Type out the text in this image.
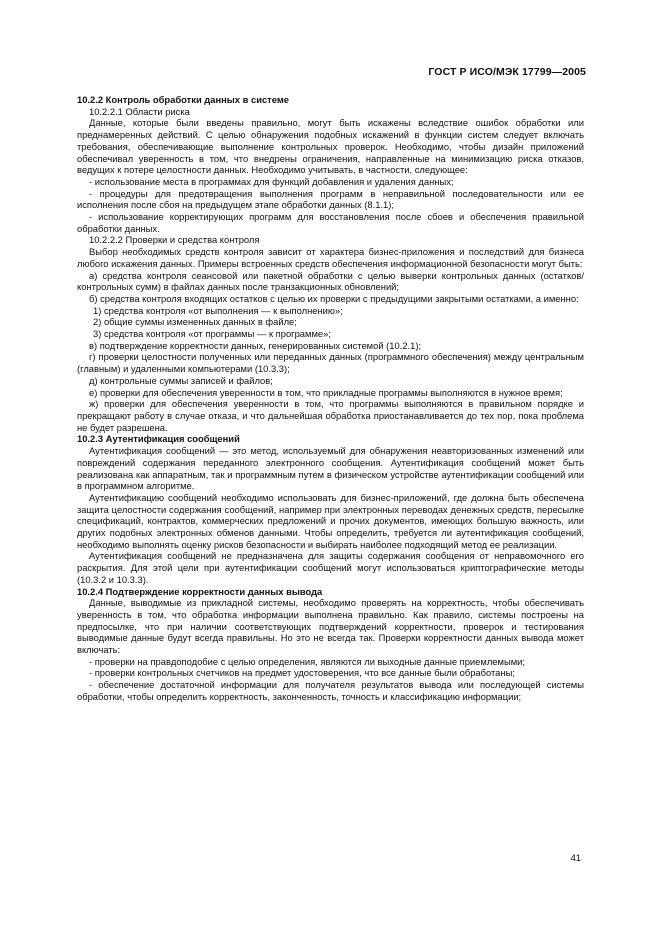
ГОСТ Р ИСО/МЭК 17799—2005

10.2.2 Контроль обработки данных в системе

10.2.2.1 Области риска

Данные, которые были введены правильно, могут быть искажены вследствие ошибок обработки или преднамеренных действий. С целью обнаружения подобных искажений в функции систем следует включать требования, обеспечивающие выполнение контрольных проверок. Необходимо, чтобы дизайн приложений обеспечивал уверенность в том, что внедрены ограничения, направленные на минимизацию риска отказов, ведущих к потере целостности данных. Необходимо учитывать, в частности, следующее:

- использование места в программах для функций добавления и удаления данных;

- процедуры для предотвращения выполнения программ в неправильной последовательности или ее исполнения после сбоя на предыдущем этапе обработки данных (8.1.1);

- использование корректирующих программ для восстановления после сбоев и обеспечения правильной обработки данных.

10.2.2.2 Проверки и средства контроля

Выбор необходимых средств контроля зависит от характера бизнес-приложения и последствий для бизнеса любого искажения данных. Примеры встроенных средств обеспечения информационной безопасности могут быть:

а) средства контроля сеансовой или пакетной обработки с целью выверки контрольных данных (остатков/контрольных сумм) в файлах данных после транзакционных обновлений;

б) средства контроля входящих остатков с целью их проверки с предыдущими закрытыми остатками, а именно:

1) средства контроля «от выполнения — к выполнению»;

2) общие суммы измененных данных в файле;

3) средства контроля «от программы — к программе»;

в) подтверждение корректности данных, генерированных системой (10.2.1);

г) проверки целостности полученных или переданных данных (программного обеспечения) между центральным (главным) и удаленными компьютерами (10.3.3);

д) контрольные суммы записей и файлов;

е) проверки для обеспечения уверенности в том, что прикладные программы выполняются в нужное время;

ж) проверки для обеспечения уверенности в том, что программы выполняются в правильном порядке и прекращают работу в случае отказа, и что дальнейшая обработка приостанавливается до тех пор, пока проблема не будет разрешена.

10.2.3 Аутентификация сообщений

Аутентификация сообщений — это метод, используемый для обнаружения неавторизованных изменений или повреждений содержания переданного электронного сообщения. Аутентификация сообщений может быть реализована как аппаратным, так и программным путем в физическом устройстве аутентификации сообщений или в программном алгоритме.

Аутентификацию сообщений необходимо использовать для бизнес-приложений, где должна быть обеспечена защита целостности содержания сообщений, например при электронных переводах денежных средств, пересылке спецификаций, контрактов, коммерческих предложений и прочих документов, имеющих большую важность, или других подобных электронных обменов данными. Чтобы определить, требуется ли аутентификация сообщений, необходимо выполнять оценку рисков безопасности и выбирать наиболее подходящий метод ее реализации.

Аутентификация сообщений не предназначена для защиты содержания сообщения от неправомочного его раскрытия. Для этой цели при аутентификации сообщений могут использоваться криптографические методы (10.3.2 и 10.3.3).

10.2.4 Подтверждение корректности данных вывода

Данные, выводимые из прикладной системы, необходимо проверять на корректность, чтобы обеспечивать уверенность в том, что обработка информации выполнена правильно. Как правило, системы построены на предпосылке, что при наличии соответствующих подтверждений корректности, проверок и тестирования выводимые данные будут всегда правильны. Но это не всегда так. Проверки корректности данных вывода может включать:

- проверки на правдоподобие с целью определения, являются ли выходные данные приемлемыми;

- проверки контрольных счетчиков на предмет удостоверения, что все данные были обработаны;

- обеспечение достаточной информации для получателя результатов вывода или последующей системы обработки, чтобы определить корректность, законченность, точность и классификацию информации;

41
